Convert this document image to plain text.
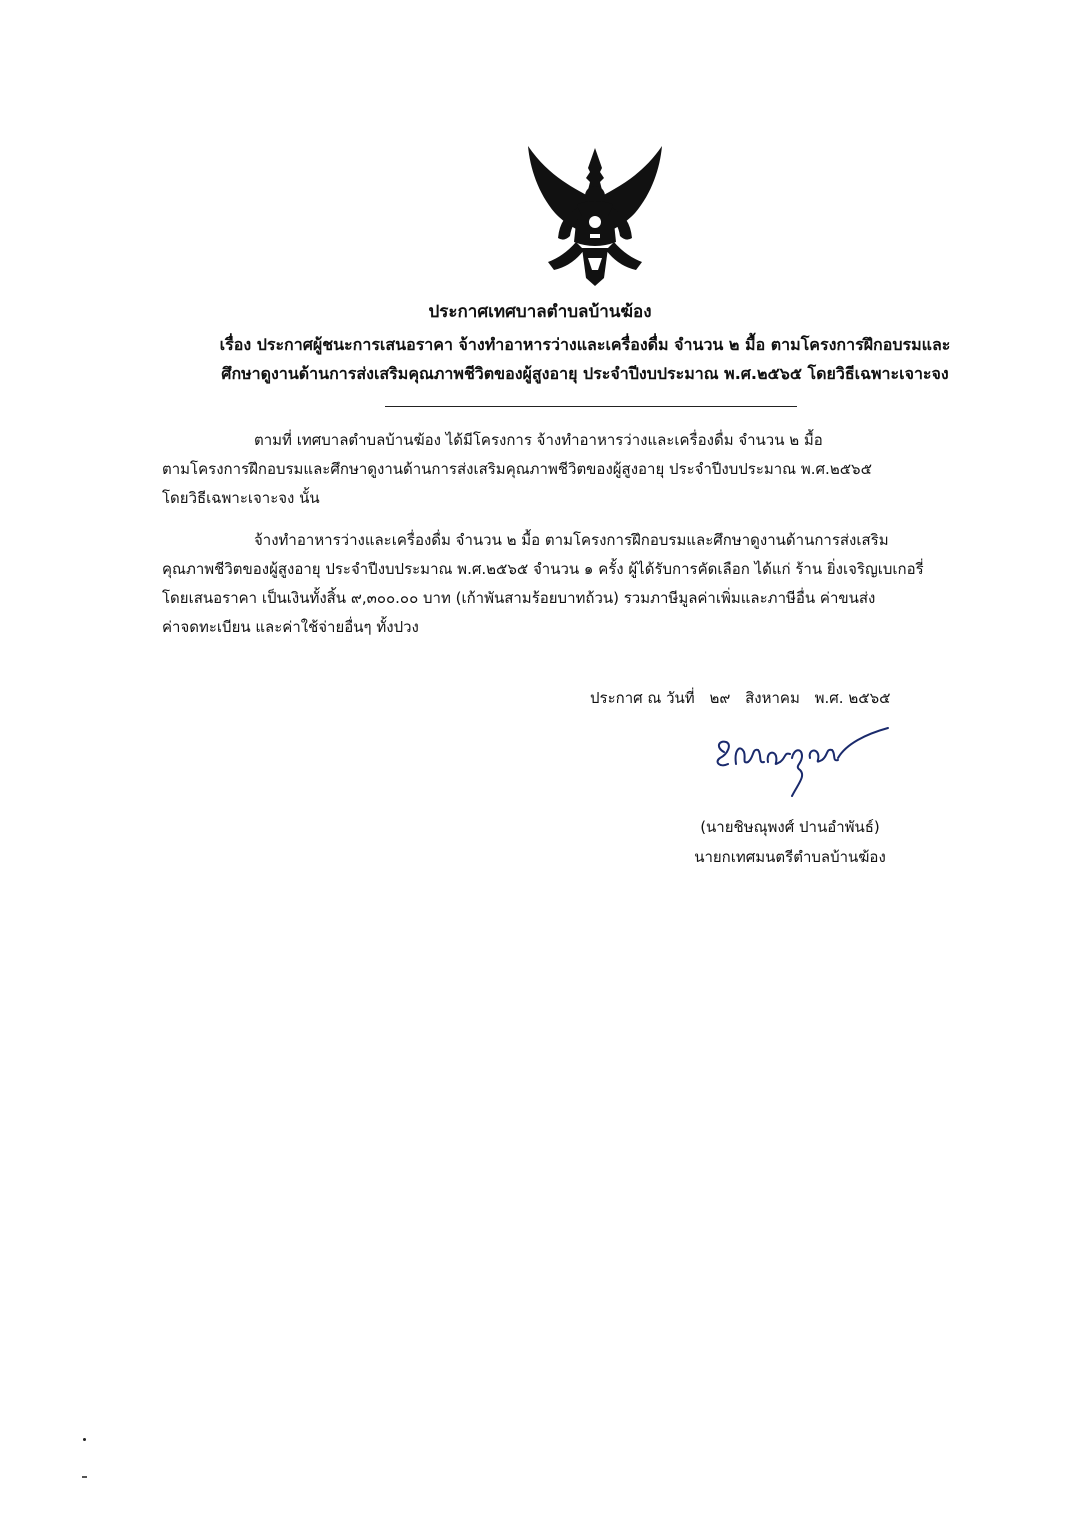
ประกาศเทศบาลตำบลบ้านฆ้อง
เรื่อง ประกาศผู้ชนะการเสนอราคา จ้างทำอาหารว่างและเครื่องดื่ม จำนวน ๒ มื้อ ตามโครงการฝึกอบรมและ
ศึกษาดูงานด้านการส่งเสริมคุณภาพชีวิตของผู้สูงอายุ ประจำปีงบประมาณ พ.ศ.๒๕๖๕ โดยวิธีเฉพาะเจาะจง
ตามที่ เทศบาลตำบลบ้านฆ้อง ได้มีโครงการ จ้างทำอาหารว่างและเครื่องดื่ม จำนวน ๒ มื้อ
ตามโครงการฝึกอบรมและศึกษาดูงานด้านการส่งเสริมคุณภาพชีวิตของผู้สูงอายุ ประจำปีงบประมาณ พ.ศ.๒๕๖๕
โดยวิธีเฉพาะเจาะจง นั้น
จ้างทำอาหารว่างและเครื่องดื่ม จำนวน ๒ มื้อ ตามโครงการฝึกอบรมและศึกษาดูงานด้านการส่งเสริม
คุณภาพชีวิตของผู้สูงอายุ ประจำปีงบประมาณ พ.ศ.๒๕๖๕ จำนวน ๑ ครั้ง ผู้ได้รับการคัดเลือก ได้แก่ ร้าน ยิ่งเจริญเบเกอรี่
โดยเสนอราคา เป็นเงินทั้งสิ้น ๙,๓๐๐.๐๐ บาท (เก้าพันสามร้อยบาทถ้วน) รวมภาษีมูลค่าเพิ่มและภาษีอื่น ค่าขนส่ง
ค่าจดทะเบียน และค่าใช้จ่ายอื่นๆ ทั้งปวง
ประกาศ ณ วันที่ ๒๙ สิงหาคม พ.ศ. ๒๕๖๕
(นายชิษณุพงศ์ ปานอำพันธ์)
นายกเทศมนตรีตำบลบ้านฆ้อง
